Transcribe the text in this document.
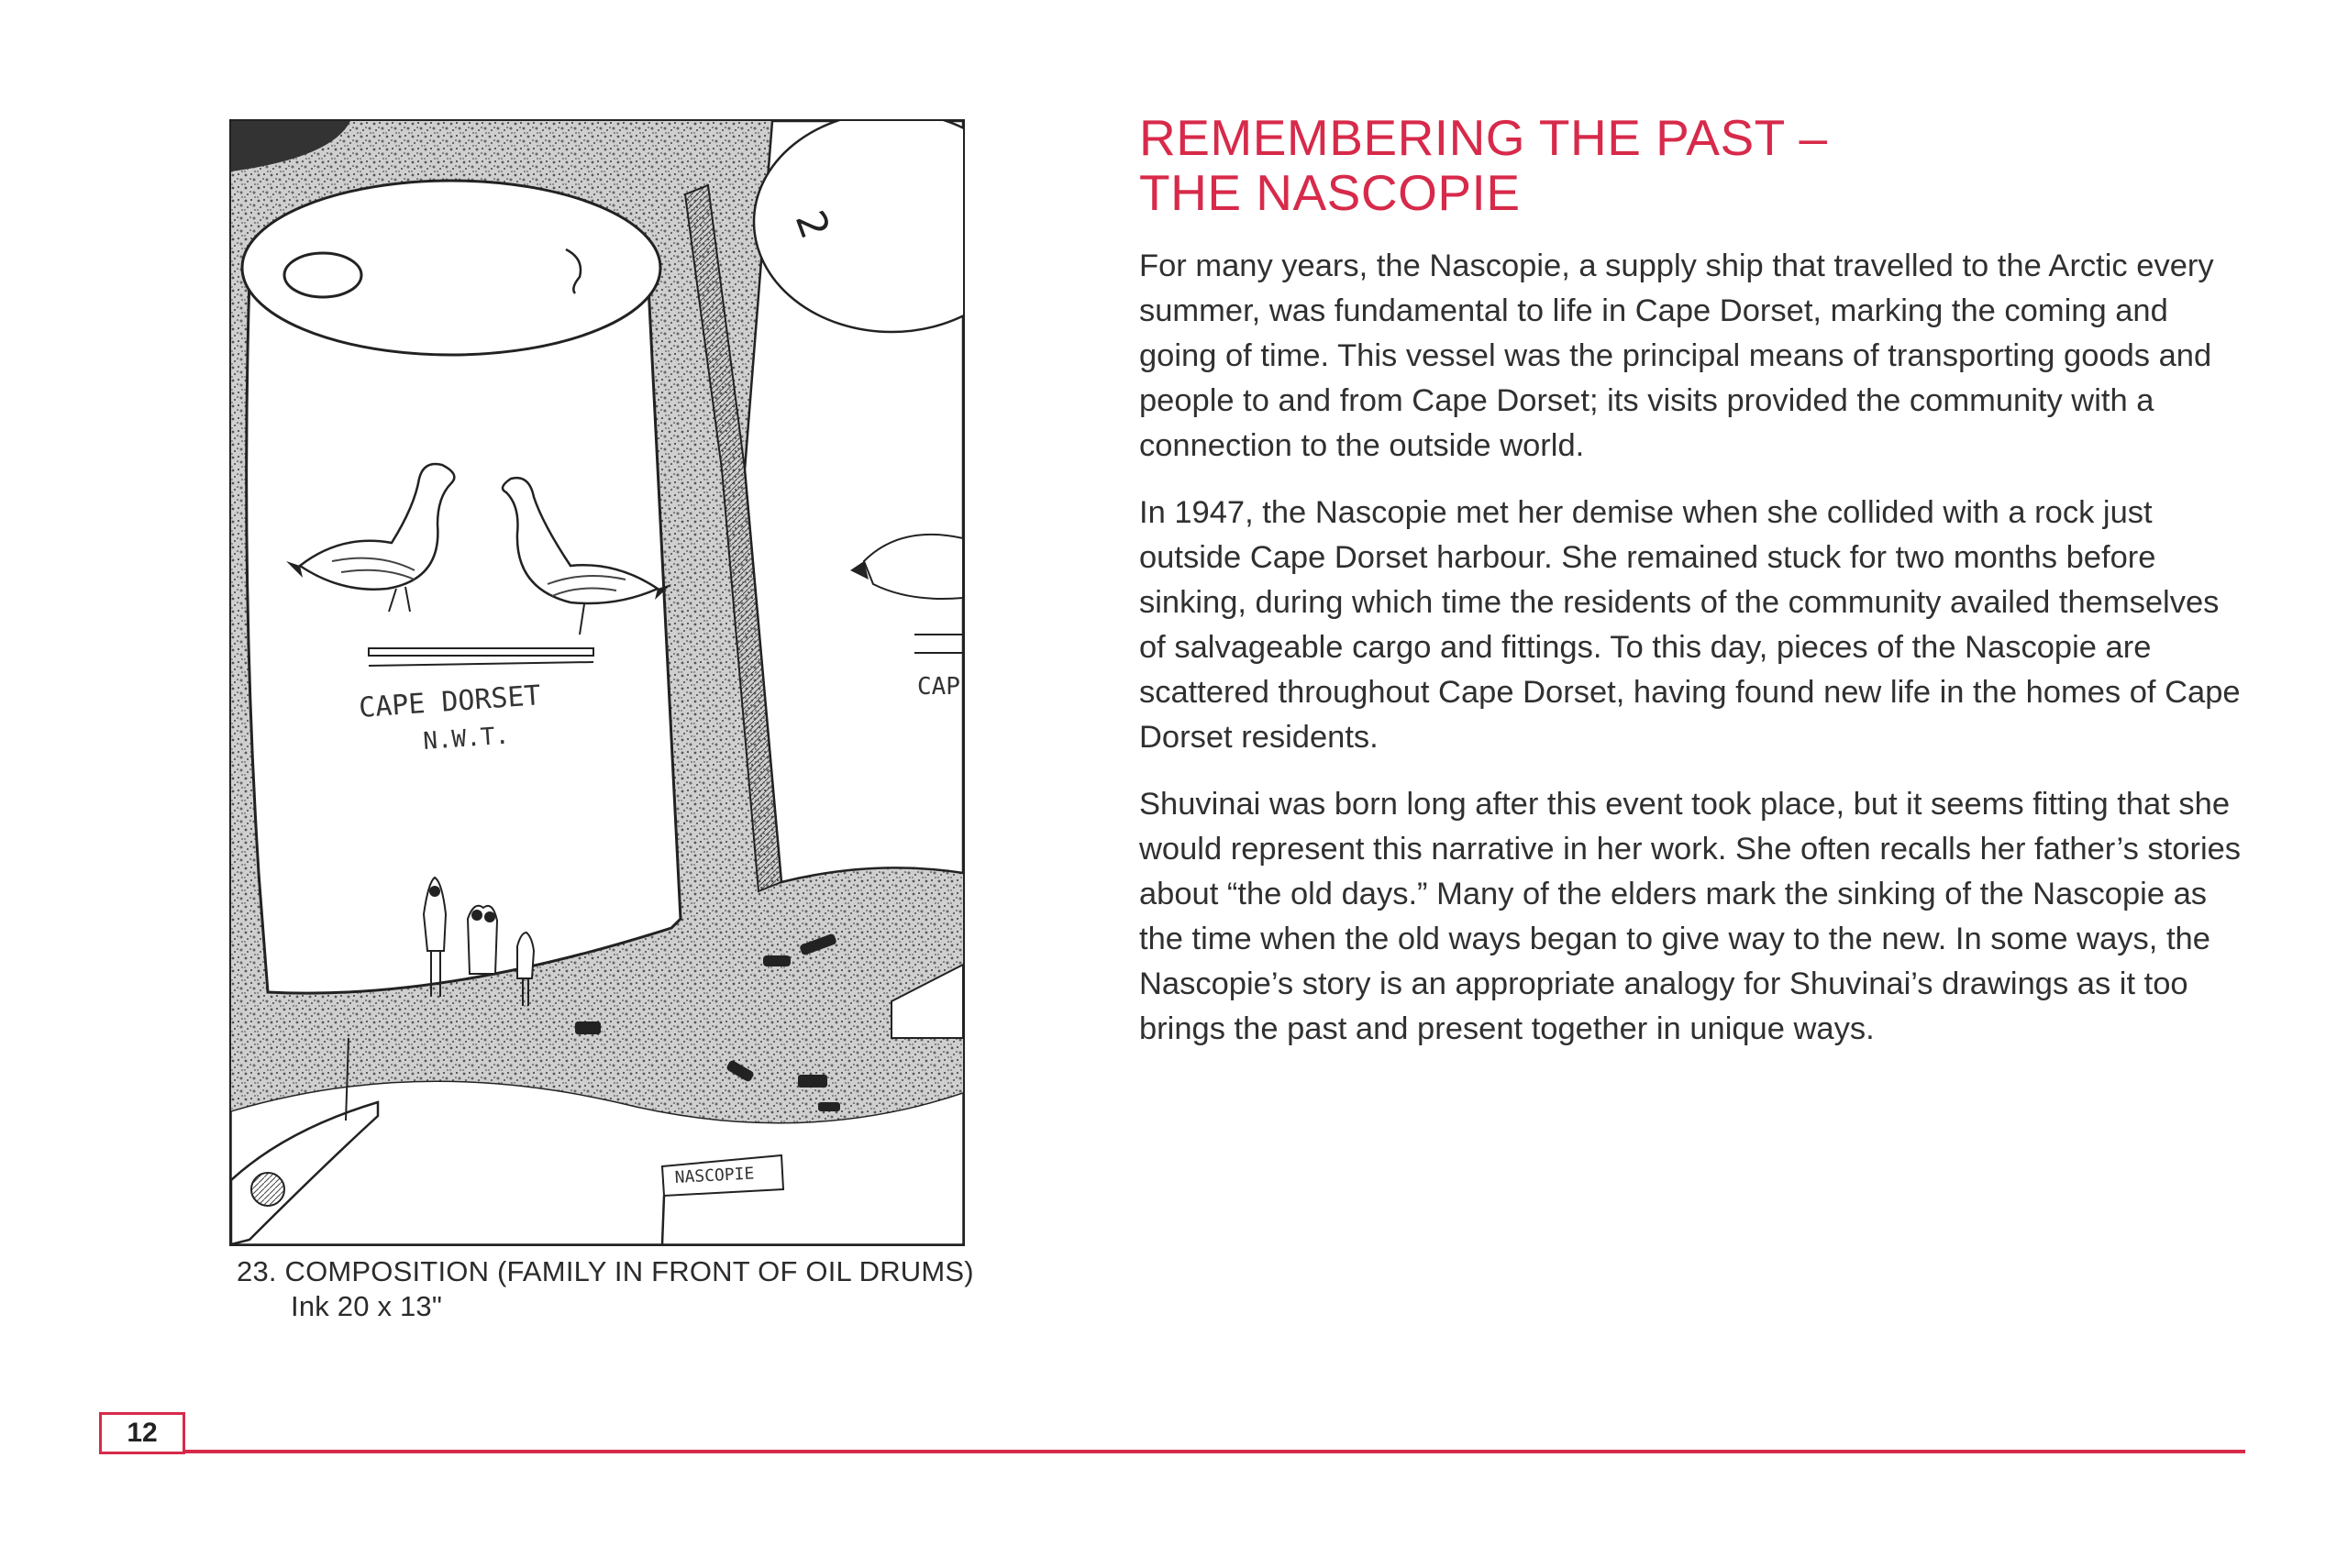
2
CAP
CAPE DORSET
N.W.T.
NASCOPIE
23. COMPOSITION (FAMILY IN FRONT OF OIL DRUMS)
Ink 20 x 13"
REMEMBERING THE PAST –
THE NASCOPIE

For many years, the Nascopie, a supply ship that travelled to the Arctic every summer, was fundamental to life in Cape Dorset, marking the coming and going of time. This vessel was the principal means of transporting goods and people to and from Cape Dorset; its visits provided the community with a connection to the outside world.

In 1947, the Nascopie met her demise when she collided with a rock just outside Cape Dorset harbour. She remained stuck for two months before sinking, during which time the residents of the community availed themselves of salvageable cargo and fittings. To this day, pieces of the Nascopie are scattered throughout Cape Dorset, having found new life in the homes of Cape Dorset residents.

Shuvinai was born long after this event took place, but it seems fitting that she would represent this narrative in her work. She often recalls her father’s stories about “the old days.” Many of the elders mark the sinking of the Nascopie as the time when the old ways began to give way to the new. In some ways, the Nascopie’s story is an appropriate analogy for Shuvinai’s drawings as it too brings the past and present together in unique ways.

12
